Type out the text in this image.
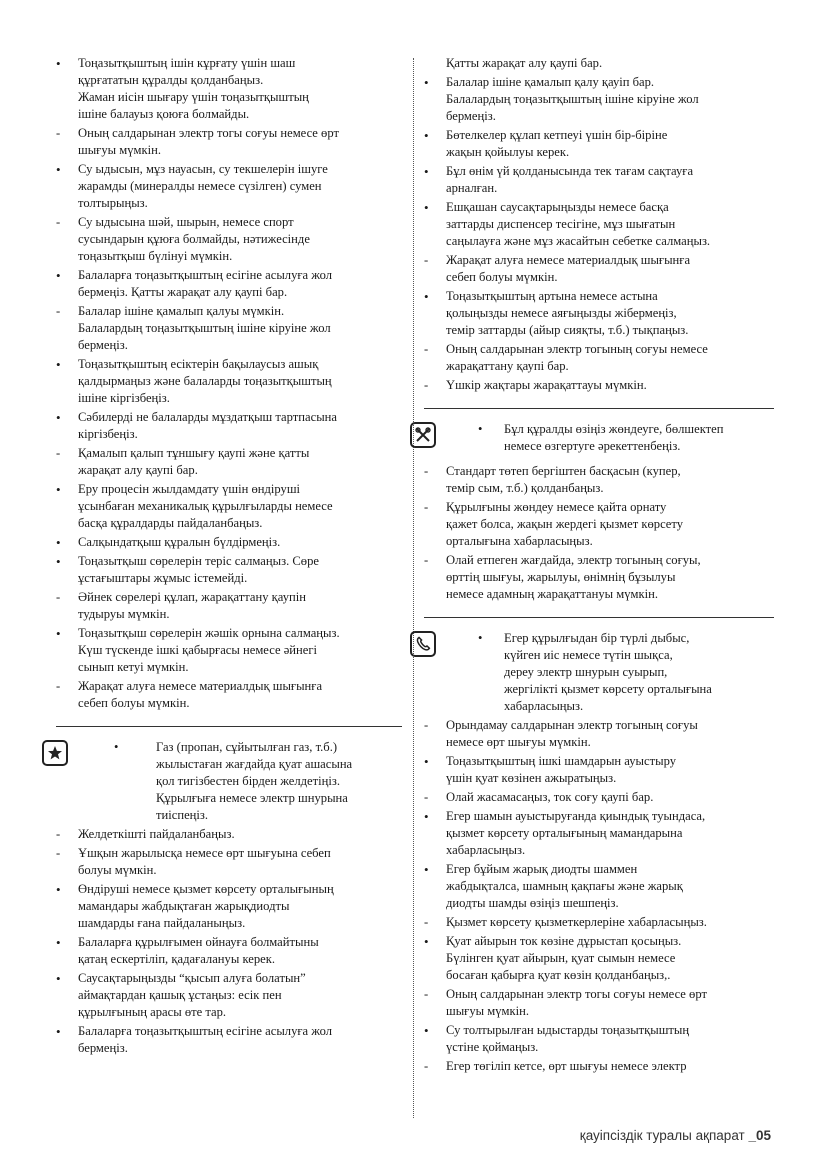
•	Тоңазытқыштың ішін кұрғату үшін шаш
құрғататын құралды қолданбаңыз.
Жаман иісін шығару үшін тоңазытқыштың
ішіне балауыз қоюға болмайды.
-	Оның салдарынан электр тогы соғуы немесе өрт
шығуы мүмкін.
•	Су ыдысын, мұз науасын, су текшелерін ішуге
жарамды (минералды немесе сүзілген) сумен
толтырыңыз.
-	Су ыдысына шәй, шырын, немесе спорт
сусындарын құюға болмайды, нәтижесінде
тоңазытқыш бүлінуі мүмкін.
•	Балаларға тоңазытқыштың есігіне асылуға жол
бермеңіз. Қатты жарақат алу қаупі бар.
-	Балалар ішіне қамалып қалуы мүмкін.
Балалардың тоңазытқыштың ішіне кіруіне жол
бермеңіз.
•	Тоңазытқыштың есіктерін бақылаусыз ашық
қалдырмаңыз және балаларды тоңазытқыштың
ішіне кіргізбеңіз.
•	Сәбилерді не балаларды мұздатқыш тартпасына
кіргізбеңіз.
-	Қамалып қалып тұншығу қаупі және қатты
жарақат алу қаупі бар.
•	Еру процесін жылдамдату үшін өндіруші
ұсынбаған механикалық құрылғыларды немесе
басқа құралдарды пайдаланбаңыз.
•	Салқындатқыш құралын бүлдірмеңіз.
•	Тоңазытқыш сөрелерін теріс салмаңыз. Сөре
ұстағыштары жұмыс істемейді.
-	Әйнек сөрелері құлап, жарақаттану қаупін
тудыруы мүмкін.
•	Тоңазытқыш сөрелерін жәшік орнына салмаңыз.
Күш түскенде ішкі қабырғасы немесе әйнегі
сынып кетуі мүмкін.
-	Жарақат алуға немесе материалдық шығынға
себеп болуы мүмкін.
•	Газ (пропан, сұйытылған газ, т.б.)
жылыстаған жағдайда қуат ашасына
қол тигізбестен бірден желдетіңіз.
Құрылғыға немесе электр шнурына
тиіспеңіз.
-	Желдеткішті пайдаланбаңыз.
-	Ұшқын жарылысқа немесе өрт шығуына себеп
болуы мүмкін.
•	Өндіруші немесе қызмет көрсету орталығының
мамандары жабдықтаған жарықдиодты
шамдарды ғана пайдаланыңыз.
•	Балаларға құрылғымен ойнауға болмайтыны
қатаң ескертіліп, қадағалануы керек.
•	Саусақтарыңызды “қысып алуға болатын”
аймақтардан қашық ұстаңыз: есік пен
құрылғының арасы өте тар.
•	Балаларға тоңазытқыштың есігіне асылуға жол
бермеңіз.
Қатты жарақат алу қаупі бар.
•	Балалар ішіне қамалып қалу қауіп бар.
Балалардың тоңазытқыштың ішіне кіруіне жол
бермеңіз.
•	Бөтелкелер құлап кетпеуі үшін бір-біріне
жақын қойылуы керек.
•	Бұл өнім үй қолданысында тек тағам сақтауға
арналған.
•	Ешқашан саусақтарыңызды немесе басқа
заттарды диспенсер тесігіне, мұз шығатын
саңылауға және мұз жасайтын себетке салмаңыз.
-	Жарақат алуға немесе материалдық шығынға
себеп болуы мүмкін.
•	Тоңазытқыштың артына немесе астына
қолыңызды немесе аяғыңызды жібермеңіз,
темір заттарды (айыр сияқты, т.б.) тықпаңыз.
-	Оның салдарынан электр тогының соғуы немесе
жарақаттану қаупі бар.
-	Үшкір жақтары жарақаттауы мүмкін.
• Бұл құралды өзіңіз жөндеуге, бөлшектеп
немесе өзгертуге әрекеттенбеңіз.
-	Стандарт төтеп бергіштен басқасын (купер,
темір сым, т.б.) қолданбаңыз.
-	Құрылғыны жөндеу немесе қайта орнату
қажет болса, жақын жердегі қызмет көрсету
орталығына хабарласыңыз.
-	Олай етпеген жағдайда, электр тогының соғуы,
өрттің шығуы, жарылуы, өнімнің бұзылуы
немесе адамның жарақаттануы мүмкін.
• Егер құрылғыдан бір түрлі дыбыс,
күйген иіс немесе түтін шықса,
дереу электр шнурын суырып,
жергілікті қызмет көрсету орталығына
хабарласыңыз.
-	Орындамау салдарынан электр тогының соғуы
немесе өрт шығуы мүмкін.
•	Тоңазытқыштың ішкі шамдарын ауыстыру
үшін қуат көзінен ажыратыңыз.
-	Олай жасамасаңыз, ток соғу қаупі бар.
•	Егер шамын ауыстыруғанда қиындық туындаса,
қызмет көрсету орталығының мамандарына
хабарласыңыз.
•	Егер бұйым жарық диодты шаммен
жабдықталса, шамның қақпағы және жарық
диодты шамды өзіңіз шешпеңіз.
-	Қызмет көрсету қызметкерлеріне хабарласыңыз.
•	Қуат айырын ток көзіне дұрыстап қосыңыз.
Бүлінген қуат айырын, қуат сымын немесе
босаған қабырға қуат көзін қолданбаңыз,.
-	Оның салдарынан электр тогы соғуы немесе өрт
шығуы мүмкін.
•	Су толтырылған ыдыстарды тоңазытқыштың
үстіне қоймаңыз.
-	Егер төгіліп кетсе, өрт шығуы немесе электр
қауіпсіздік туралы ақпарат _05
